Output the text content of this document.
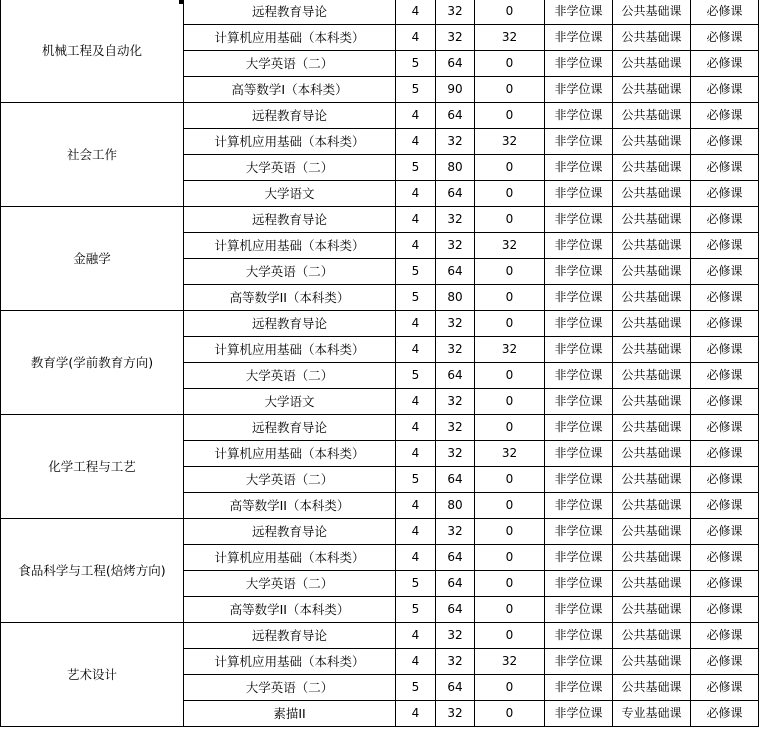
机械工程及自动化	远程教育导论	4	32	0	非学位课	公共基础课	必修课
	计算机应用基础（本科类）	4	32	32	非学位课	公共基础课	必修课
	大学英语（二）	5	64	0	非学位课	公共基础课	必修课
	高等数学I（本科类）	5	90	0	非学位课	公共基础课	必修课
社会工作	远程教育导论	4	64	0	非学位课	公共基础课	必修课
	计算机应用基础（本科类）	4	32	32	非学位课	公共基础课	必修课
	大学英语（二）	5	80	0	非学位课	公共基础课	必修课
	大学语文	4	64	0	非学位课	公共基础课	必修课
金融学	远程教育导论	4	32	0	非学位课	公共基础课	必修课
	计算机应用基础（本科类）	4	32	32	非学位课	公共基础课	必修课
	大学英语（二）	5	64	0	非学位课	公共基础课	必修课
	高等数学II（本科类）	5	80	0	非学位课	公共基础课	必修课
教育学(学前教育方向)	远程教育导论	4	32	0	非学位课	公共基础课	必修课
	计算机应用基础（本科类）	4	32	32	非学位课	公共基础课	必修课
	大学英语（二）	5	64	0	非学位课	公共基础课	必修课
	大学语文	4	32	0	非学位课	公共基础课	必修课
化学工程与工艺	远程教育导论	4	32	0	非学位课	公共基础课	必修课
	计算机应用基础（本科类）	4	32	32	非学位课	公共基础课	必修课
	大学英语（二）	5	64	0	非学位课	公共基础课	必修课
	高等数学II（本科类）	4	80	0	非学位课	公共基础课	必修课
食品科学与工程(焙烤方向)	远程教育导论	4	32	0	非学位课	公共基础课	必修课
	计算机应用基础（本科类）	4	64	0	非学位课	公共基础课	必修课
	大学英语（二）	5	64	0	非学位课	公共基础课	必修课
	高等数学II（本科类）	5	64	0	非学位课	公共基础课	必修课
艺术设计	远程教育导论	4	32	0	非学位课	公共基础课	必修课
	计算机应用基础（本科类）	4	32	32	非学位课	公共基础课	必修课
	大学英语（二）	5	64	0	非学位课	公共基础课	必修课
	素描II	4	32	0	非学位课	专业基础课	必修课
